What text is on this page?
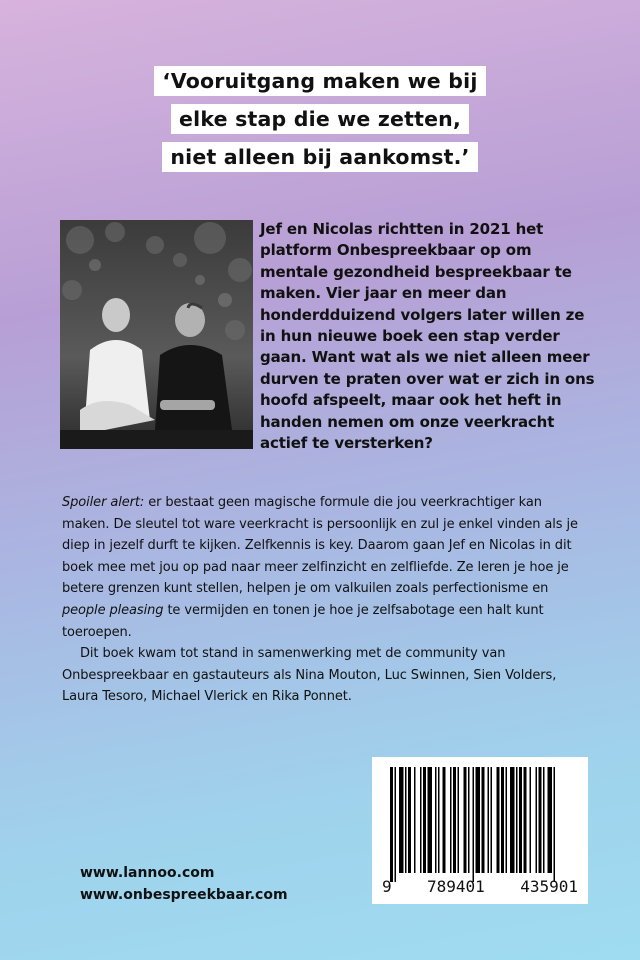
‘Vooruitgang maken we bij
elke stap die we zetten,
niet alleen bij aankomst.’
Jef en Nicolas richtten in 2021 het platform Onbespreekbaar op om mentale gezondheid bespreekbaar te maken. Vier jaar en meer dan honderdduizend volgers later willen ze in hun nieuwe boek een stap verder gaan. Want wat als we niet alleen meer durven te praten over wat er zich in ons hoofd afspeelt, maar ook het heft in handen nemen om onze veerkracht actief te versterken?

Spoiler alert: er bestaat geen magische formule die jou veerkrachtiger kan maken. De sleutel tot ware veerkracht is persoonlijk en zul je enkel vinden als je diep in jezelf durft te kijken. Zelfkennis is key. Daarom gaan Jef en Nicolas in dit boek mee met jou op pad naar meer zelfinzicht en zelfliefde. Ze leren je hoe je betere grenzen kunt stellen, helpen je om valkuilen zoals perfectionisme en people pleasing te vermijden en tonen je hoe je zelfsabotage een halt kunt toeroepen.

Dit boek kwam tot stand in samenwerking met de community van Onbespreekbaar en gastauteurs als Nina Mouton, Luc Swinnen, Sien Volders, Laura Tesoro, Michael Vlerick en Rika Ponnet.

www.lannoo.com
www.onbespreekbaar.com	9 789401 435901
